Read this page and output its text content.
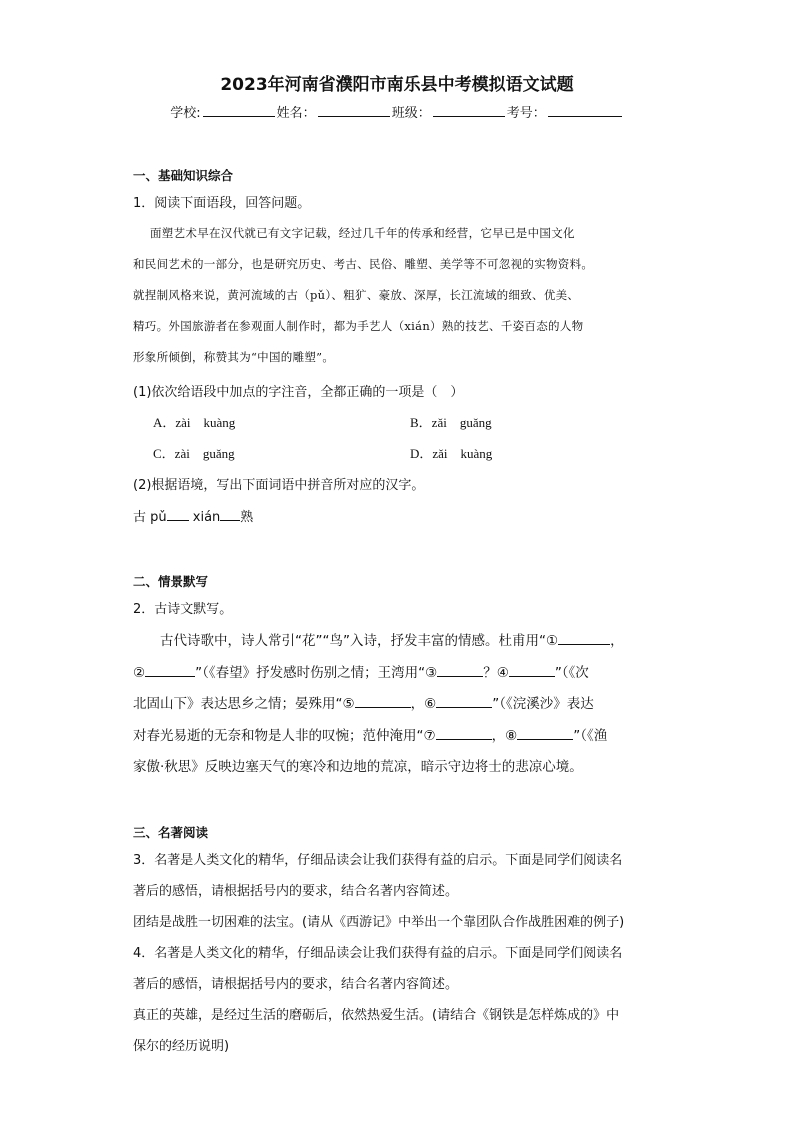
2023年河南省濮阳市南乐县中考模拟语文试题
学校:	姓名：	班级：	考号：
一、基础知识综合
1．阅读下面语段，回答问题。
面塑艺术早在汉代就已有文字记载，经过几千年的传承和经营，它早已是中国文化
和民间艺术的一部分，也是研究历史、考古、民俗、雕塑、美学等不可忽视的实物资料。
就捏制风格来说，黄河流域的古（pǔ）、粗犷、豪放、深厚，长江流域的细致、优美、
精巧。外国旅游者在参观面人制作时，都为手艺人（xián）熟的技艺、千姿百态的人物
形象所倾倒，称赞其为“中国的雕塑”。
(1)依次给语段中加点的字注音，全都正确的一项是（　）
A．zài　kuàng	B．zǎi　guǎng
C．zài　guǎng	D．zǎi　kuàng
(2)根据语境，写出下面词语中拼音所对应的汉字。
古 pǔ xián 熟
二、情景默写
2．古诗文默写。
古代诗歌中，诗人常引“花”“鸟”入诗，抒发丰富的情感。杜甫用“①	，
②	”（《春望》抒发感时伤别之情；王湾用“③	？④	”（《次
北固山下》表达思乡之情；晏殊用“⑤	，⑥	”（《浣溪沙》表达
对春光易逝的无奈和物是人非的叹惋；范仲淹用“⑦	，⑧	”（《渔
家傲·秋思》反映边塞天气的寒冷和边地的荒凉，暗示守边将士的悲凉心境。
三、名著阅读
3．名著是人类文化的精华，仔细品读会让我们获得有益的启示。下面是同学们阅读名
著后的感悟，请根据括号内的要求，结合名著内容简述。
团结是战胜一切困难的法宝。(请从《西游记》中举出一个靠团队合作战胜困难的例子)
4．名著是人类文化的精华，仔细品读会让我们获得有益的启示。下面是同学们阅读名
著后的感悟，请根据括号内的要求，结合名著内容简述。
真正的英雄，是经过生活的磨砺后，依然热爱生活。(请结合《钢铁是怎样炼成的》中
保尔的经历说明)
